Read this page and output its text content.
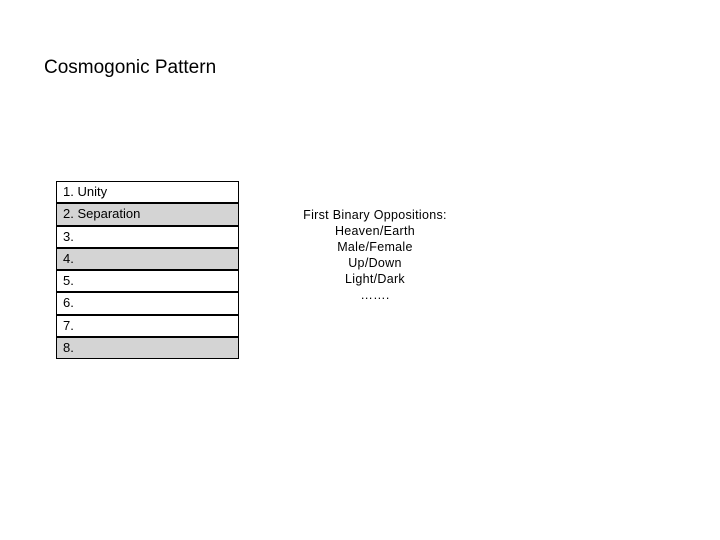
Cosmogonic Pattern
1. Unity
2. Separation
3.
4.
5.
6.
7.
8.
First Binary Oppositions:
Heaven/Earth
Male/Female
Up/Down
Light/Dark
…….
